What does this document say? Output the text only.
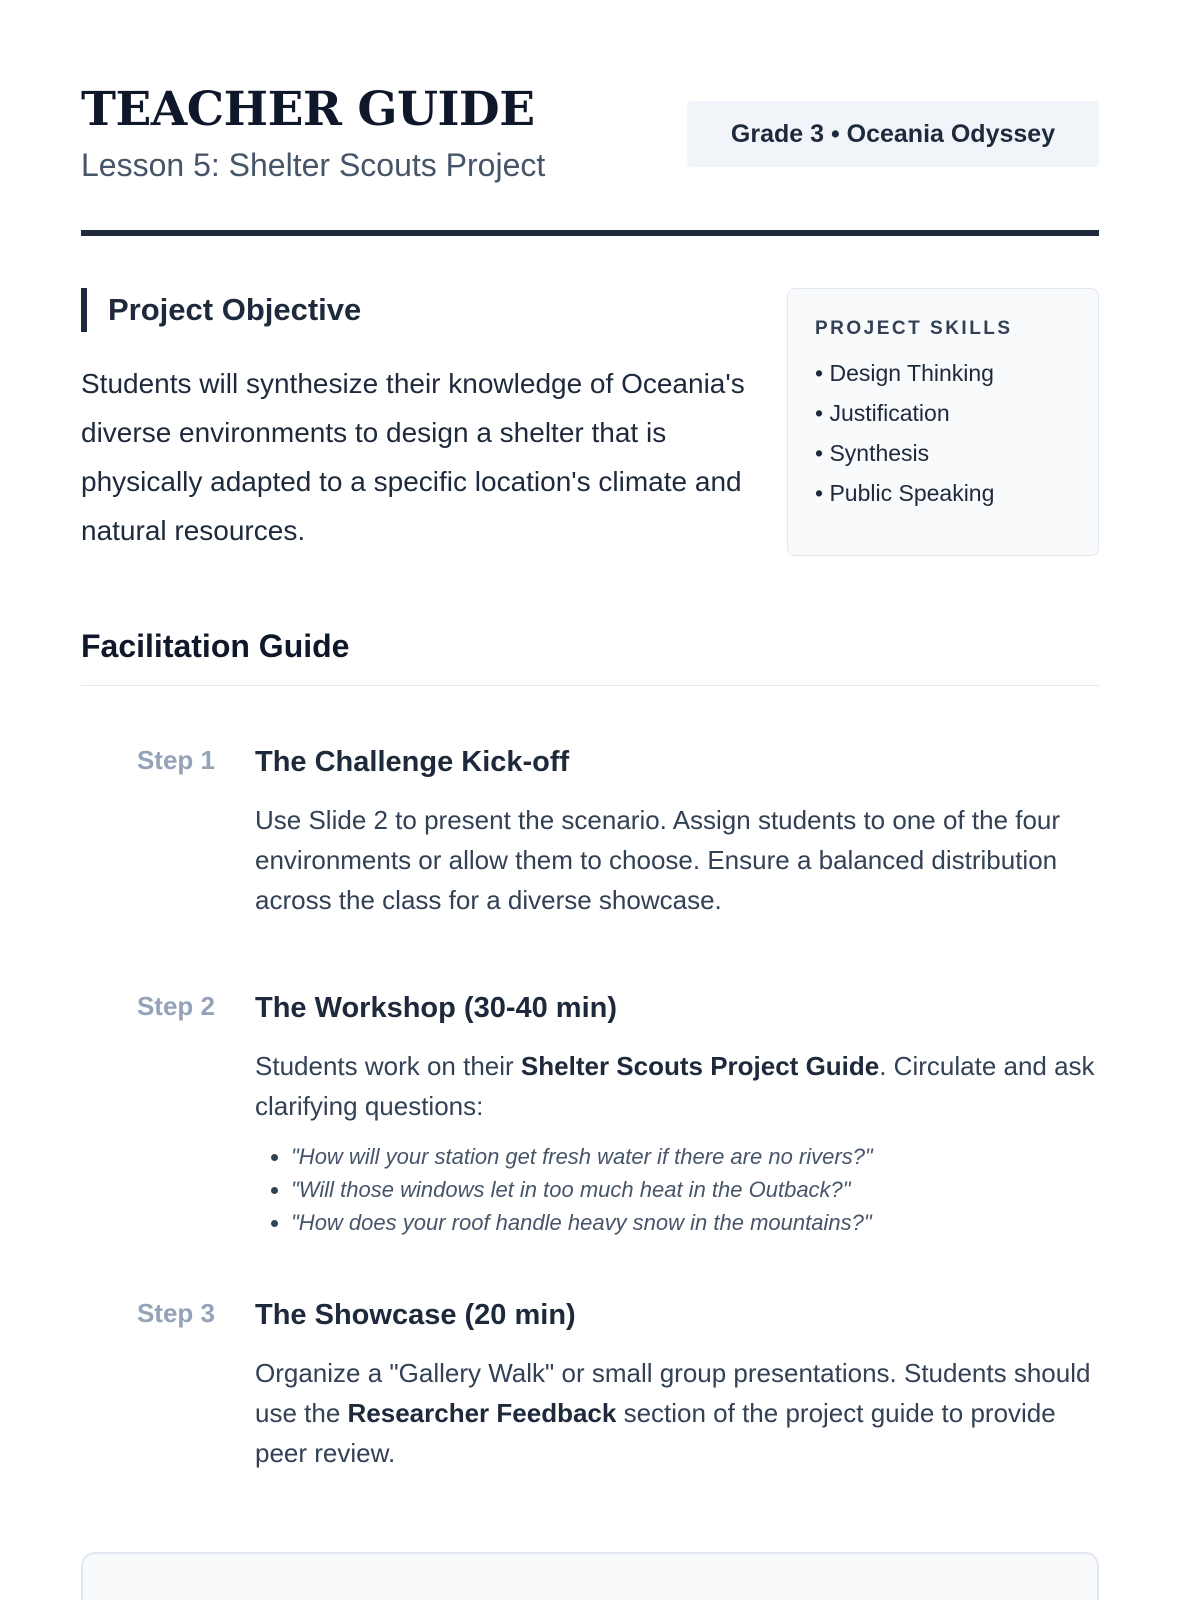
TEACHER GUIDE
Lesson 5: Shelter Scouts Project
Grade 3 • Oceania Odyssey
Project Objective

Students will synthesize their knowledge of Oceania's diverse environments to design a shelter that is physically adapted to a specific location's climate and natural resources.

PROJECT SKILLS
• Design Thinking
• Justification
• Synthesis
• Public Speaking
Facilitation Guide
Step 1 The Challenge Kick-off

Use Slide 2 to present the scenario. Assign students to one of the four environments or allow them to choose. Ensure a balanced distribution across the class for a diverse showcase.

Step 2 The Workshop (30-40 min)

Students work on their Shelter Scouts Project Guide. Circulate and ask clarifying questions:

• "How will your station get fresh water if there are no rivers?"
• "Will those windows let in too much heat in the Outback?"
• "How does your roof handle heavy snow in the mountains?"
Step 3 The Showcase (20 min)

Organize a "Gallery Walk" or small group presentations. Students should use the Researcher Feedback section of the project guide to provide peer review.
